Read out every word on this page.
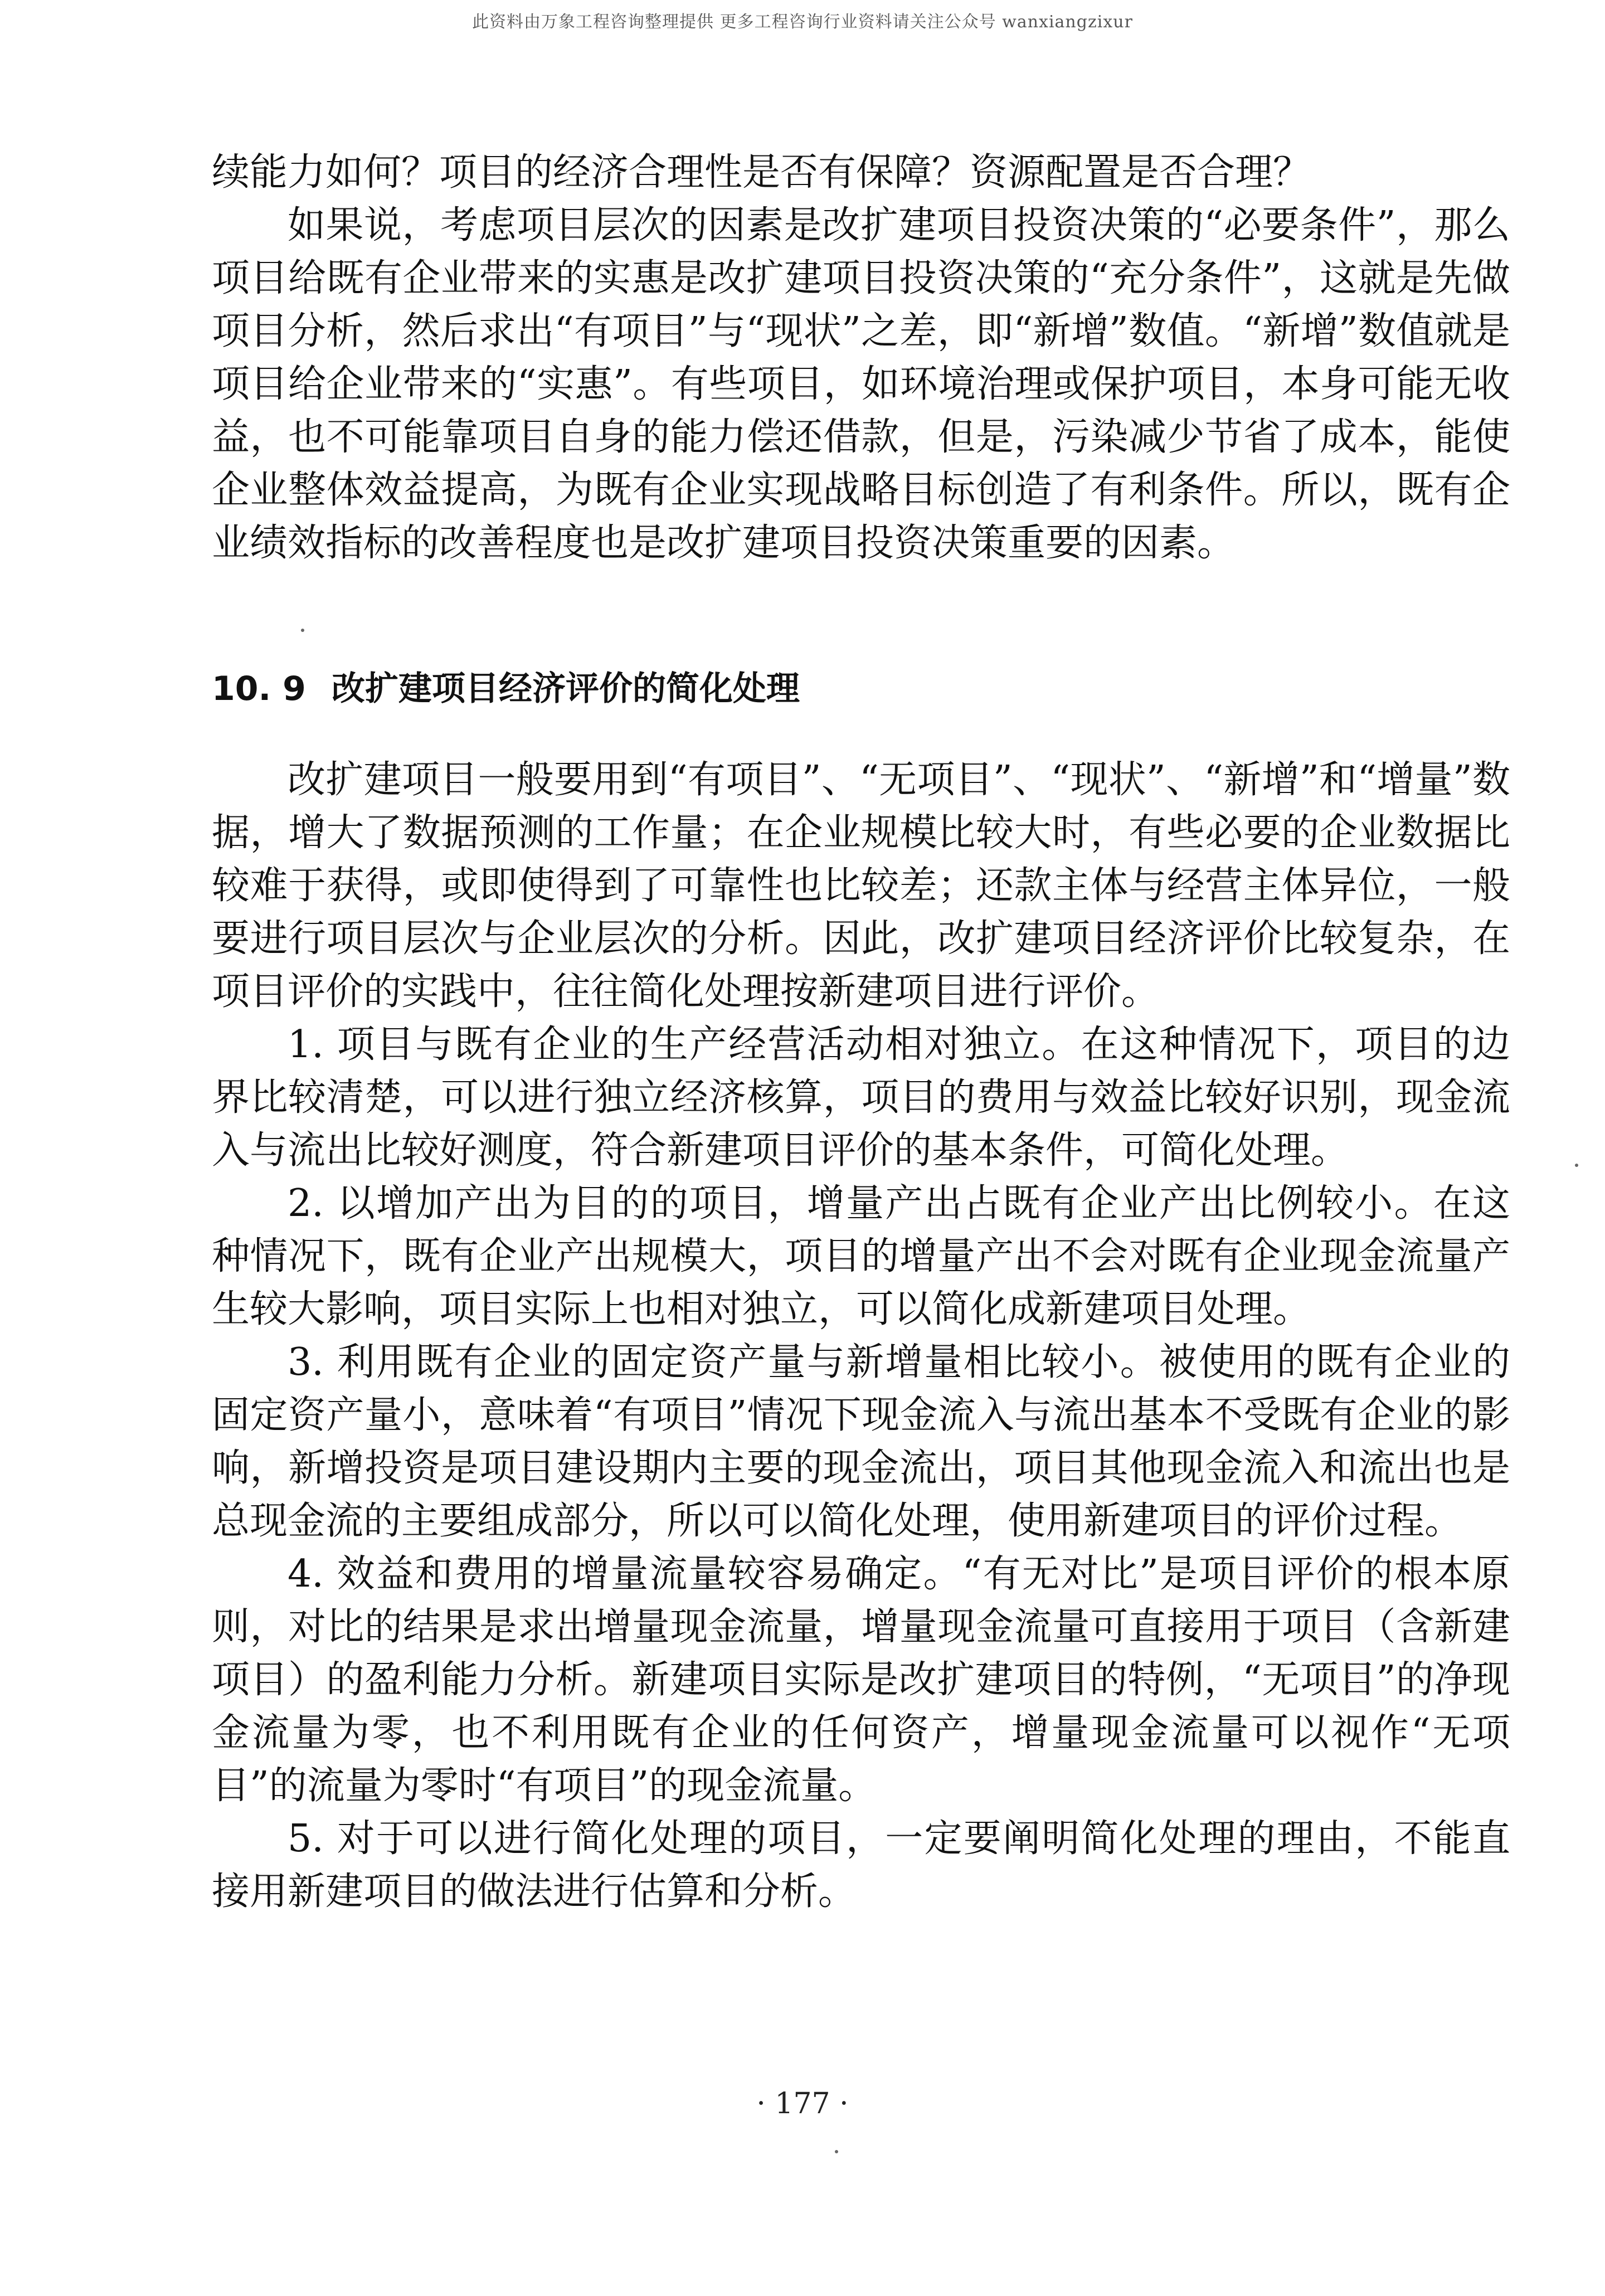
此资料由万象工程咨询整理提供 更多工程咨询行业资料请关注公众号 wanxiangzixur

续能力如何？项目的经济合理性是否有保障？资源配置是否合理？

如果说，考虑项目层次的因素是改扩建项目投资决策的“必要条件”，那么项目给既有企业带来的实惠是改扩建项目投资决策的“充分条件”，这就是先做项目分析，然后求出“有项目”与“现状”之差，即“新增”数值。“新增”数值就是项目给企业带来的“实惠”。有些项目，如环境治理或保护项目，本身可能无收益，也不可能靠项目自身的能力偿还借款，但是，污染减少节省了成本，能使企业整体效益提高，为既有企业实现战略目标创造了有利条件。所以，既有企业绩效指标的改善程度也是改扩建项目投资决策重要的因素。

10. 9 改扩建项目经济评价的简化处理

改扩建项目一般要用到“有项目”、“无项目”、“现状”、“新增”和“增量”数据，增大了数据预测的工作量；在企业规模比较大时，有些必要的企业数据比较难于获得，或即使得到了可靠性也比较差；还款主体与经营主体异位，一般要进行项目层次与企业层次的分析。因此，改扩建项目经济评价比较复杂，在项目评价的实践中，往往简化处理按新建项目进行评价。

1. 项目与既有企业的生产经营活动相对独立。在这种情况下，项目的边界比较清楚，可以进行独立经济核算，项目的费用与效益比较好识别，现金流入与流出比较好测度，符合新建项目评价的基本条件，可简化处理。

2. 以增加产出为目的的项目，增量产出占既有企业产出比例较小。在这种情况下，既有企业产出规模大，项目的增量产出不会对既有企业现金流量产生较大影响，项目实际上也相对独立，可以简化成新建项目处理。

3. 利用既有企业的固定资产量与新增量相比较小。被使用的既有企业的固定资产量小，意味着“有项目”情况下现金流入与流出基本不受既有企业的影响，新增投资是项目建设期内主要的现金流出，项目其他现金流入和流出也是总现金流的主要组成部分，所以可以简化处理，使用新建项目的评价过程。

4. 效益和费用的增量流量较容易确定。“有无对比”是项目评价的根本原则，对比的结果是求出增量现金流量，增量现金流量可直接用于项目（含新建项目）的盈利能力分析。新建项目实际是改扩建项目的特例，“无项目”的净现金流量为零，也不利用既有企业的任何资产，增量现金流量可以视作“无项目”的流量为零时“有项目”的现金流量。

5. 对于可以进行简化处理的项目，一定要阐明简化处理的理由，不能直接用新建项目的做法进行估算和分析。

· 177 ·
